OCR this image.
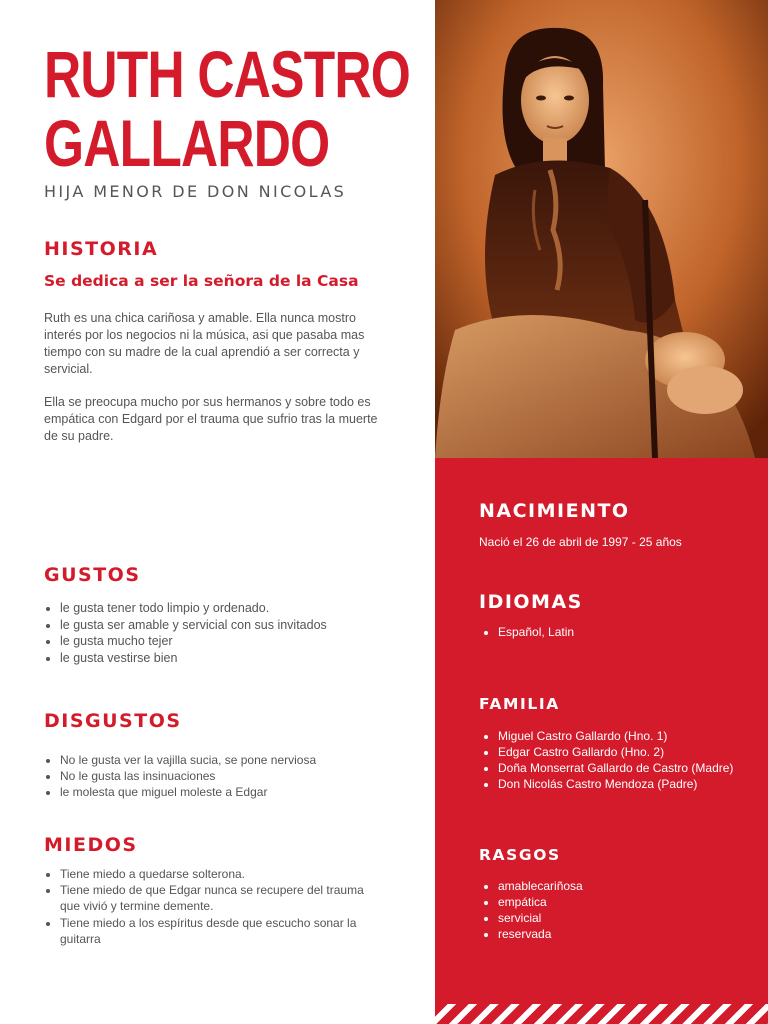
RUTH CASTRO
GALLARDO

HIJA MENOR DE DON NICOLAS

HISTORIA

Se dedica a ser la señora de la Casa

Ruth es una chica cariñosa y amable. Ella nunca mostro interés por los negocios ni la música, asi que pasaba mas tiempo con su madre de la cual aprendió a ser correcta y servicial.

Ella se preocupa mucho por sus hermanos y sobre todo es empática con Edgard por el trauma que sufrio tras la muerte de su padre.

GUSTOS
• le gusta tener todo limpio y ordenado.
• le gusta ser amable y servicial con sus invitados
• le gusta mucho tejer
• le gusta vestirse bien
DISGUSTOS
• No le gusta ver la vajilla sucia, se pone nerviosa
• No le gusta las insinuaciones
• le molesta que miguel moleste a Edgar
MIEDOS
• Tiene miedo a quedarse solterona.
• Tiene miedo de que Edgar nunca se recupere del trauma que vivió y termine demente.
• Tiene miedo a los espíritus desde que escucho sonar la guitarra
NACIMIENTO

Nació el 26 de abril de 1997 - 25 años

IDIOMAS
• Español, Latin
FAMILIA
• Miguel Castro Gallardo (Hno. 1)
• Edgar Castro Gallardo (Hno. 2)
• Doña Monserrat Gallardo de Castro (Madre)
• Don Nicolás Castro Mendoza (Padre)
RASGOS
• amablecariñosa
• empática
• servicial
• reservada
